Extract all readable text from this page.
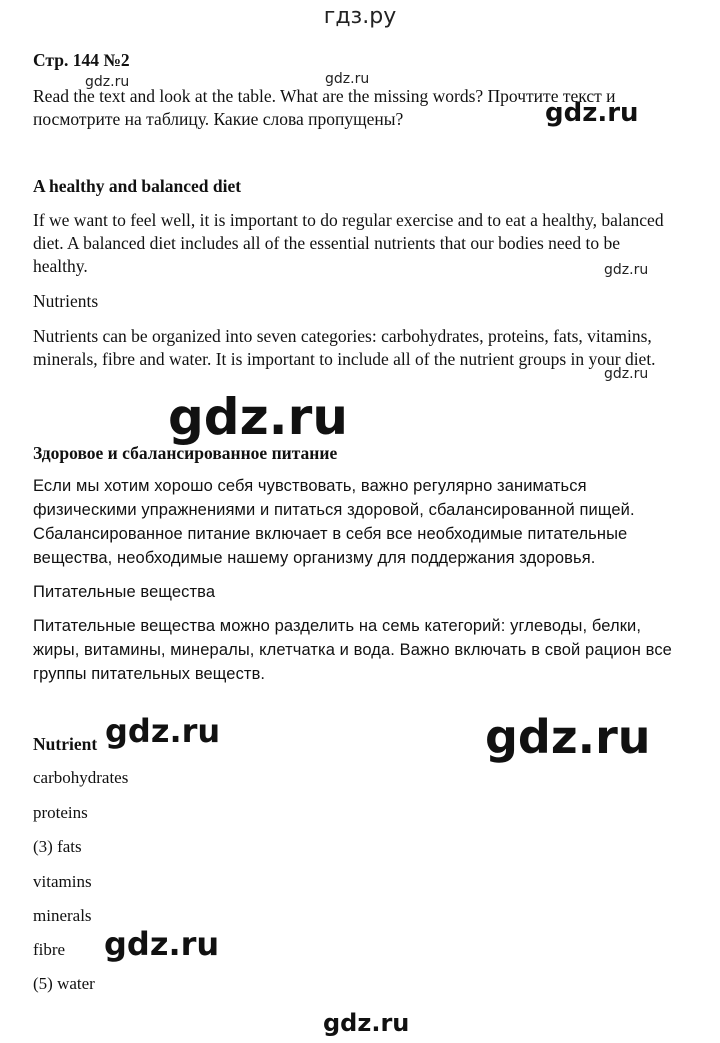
гдз.ру
Стр. 144 №2
Read the text and look at the table. What are the missing words? Прочтите текст и посмотрите на таблицу. Какие слова пропущены?
A healthy and balanced diet
If we want to feel well, it is important to do regular exercise and to eat a healthy, balanced diet. A balanced diet includes all of the essential nutrients that our bodies need to be healthy.
Nutrients
Nutrients can be organized into seven categories: carbohydrates, proteins, fats, vitamins, minerals, fibre and water. It is important to include all of the nutrient groups in your diet.
Здоровое и сбалансированное питание
Если мы хотим хорошо себя чувствовать, важно регулярно заниматься физическими упражнениями и питаться здоровой, сбалансированной пищей. Сбалансированное питание включает в себя все необходимые питательные вещества, необходимые нашему организму для поддержания здоровья.
Питательные вещества
Питательные вещества можно разделить на семь категорий: углеводы, белки, жиры, витамины, минералы, клетчатка и вода. Важно включать в свой рацион все группы питательных веществ.
Nutrient
carbohydrates
proteins
(3) fats
vitamins
minerals
fibre
(5) water
gdz.ru	gdz.ru
gdz.ru
gdz.ru
gdz.ru
gdz.ru
gdz.ru	gdz.ru
gdz.ru
gdz.ru
